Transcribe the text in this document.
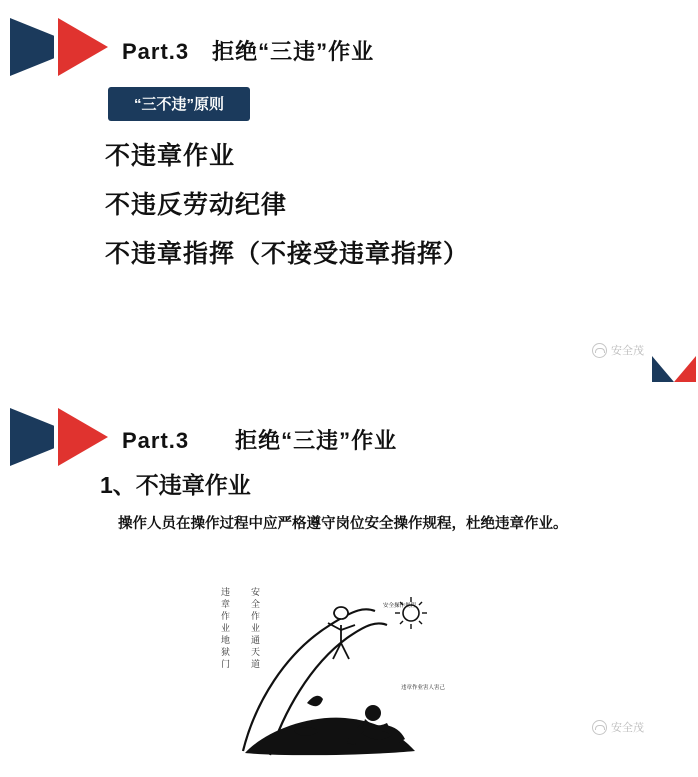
Part.3　拒绝“三违”作业
“三不违”原则
不违章作业
不违反劳动纪律
不违章指挥（不接受违章指挥）
安全茂
Part.3　　拒绝“三违”作业
1、不违章作业
操作人员在操作过程中应严格遵守岗位安全操作规程，杜绝违章作业。
安全操作规程
违章作业害人害己
违章作业地狱门 安全作业通天道
安全茂
